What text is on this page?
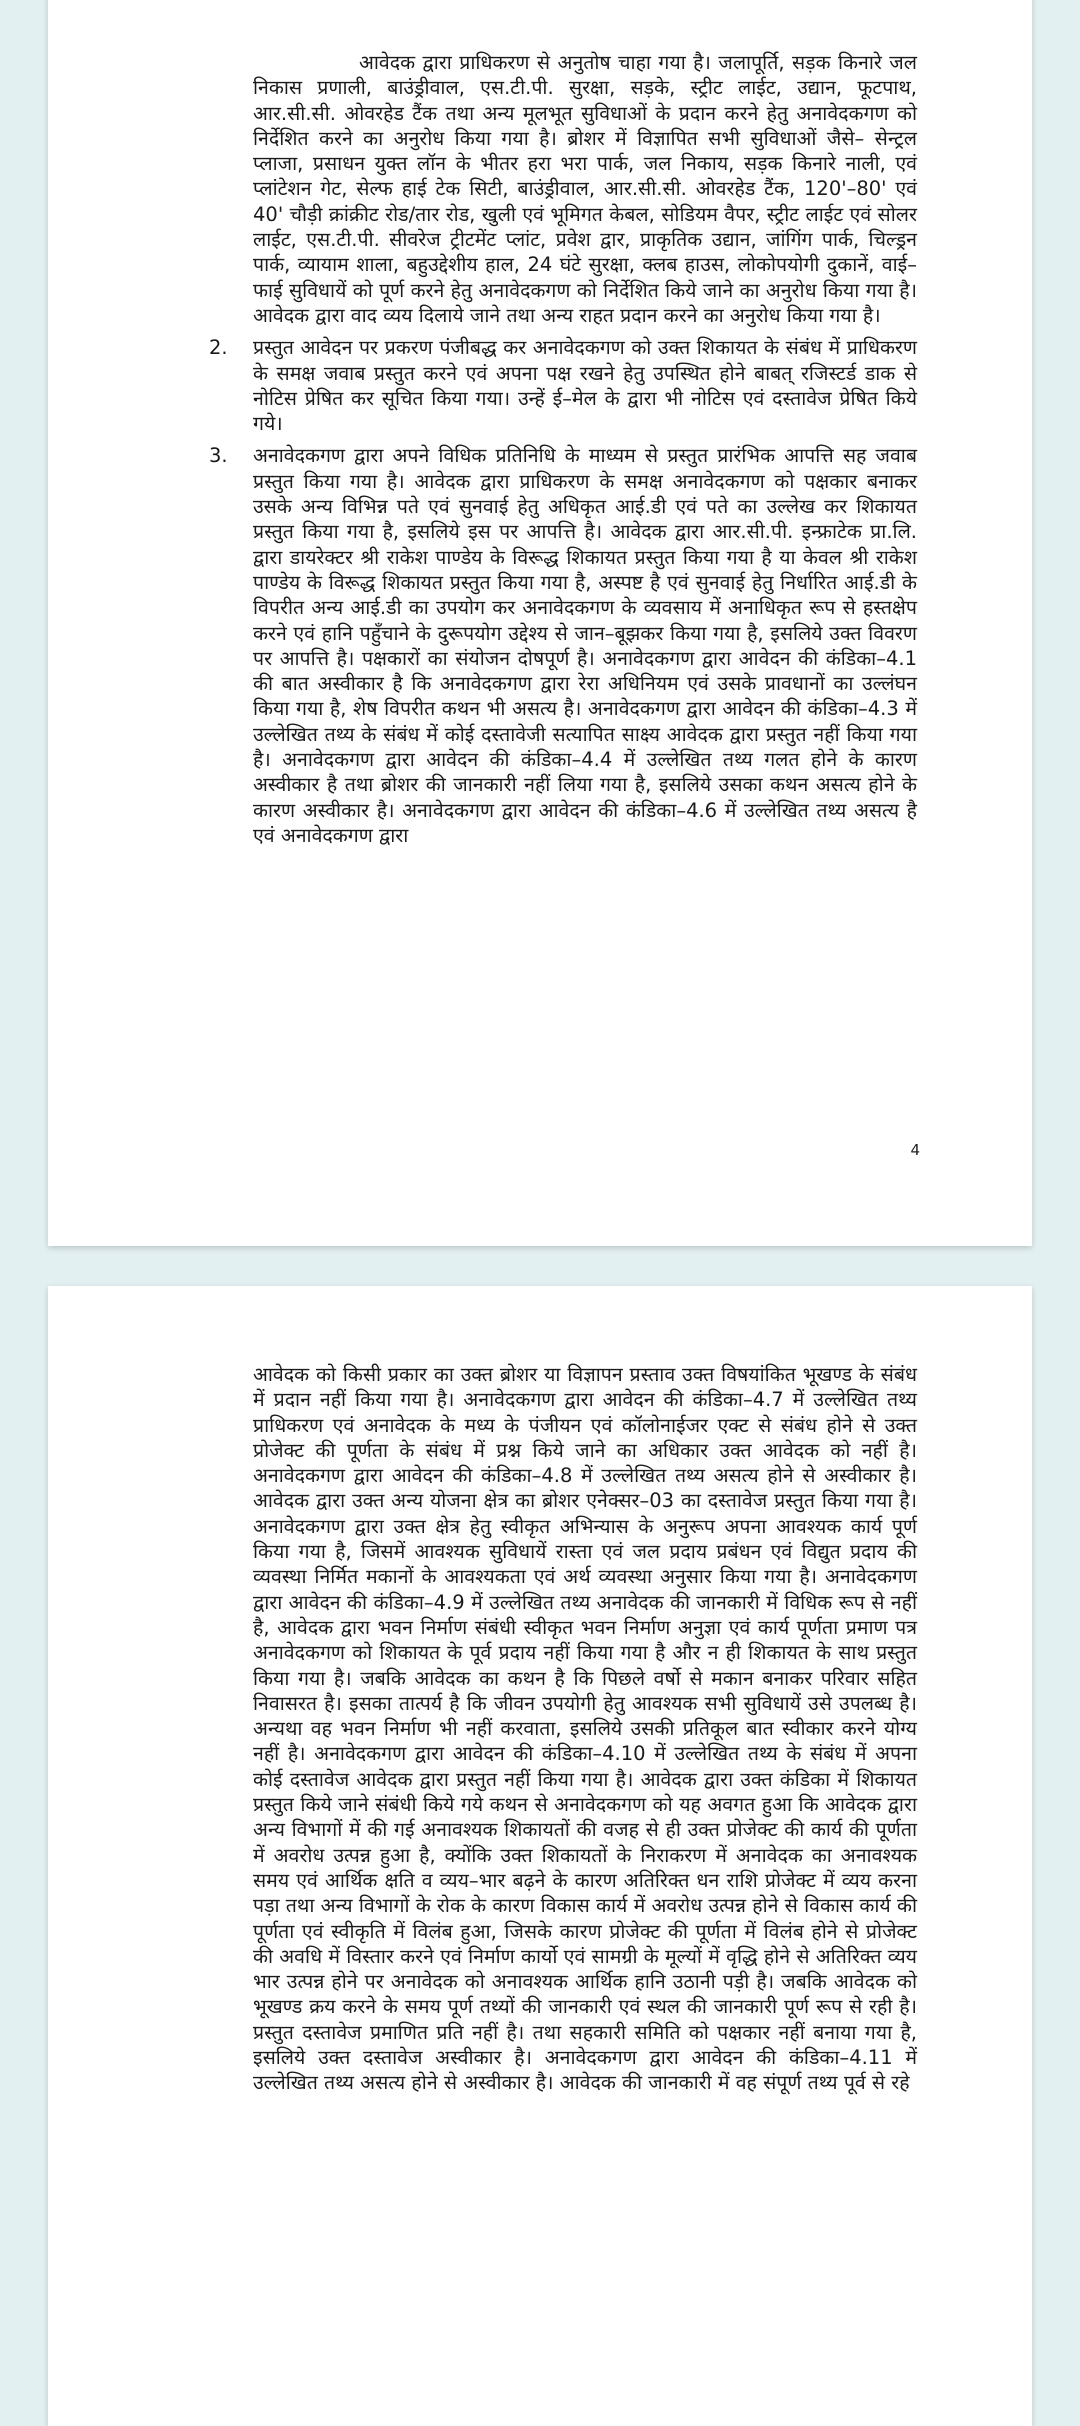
आवेदक द्वारा प्राधिकरण से अनुतोष चाहा गया है। जलापूर्ति, सड़क किनारे जल निकास प्रणाली, बाउंड्रीवाल, एस.टी.पी. सुरक्षा, सड़के, स्ट्रीट लाईट, उद्यान, फूटपाथ, आर.सी.सी. ओवरहेड टैंक तथा अन्य मूलभूत सुविधाओं के प्रदान करने हेतु अनावेदकगण को निर्देशित करने का अनुरोध किया गया है। ब्रोशर में विज्ञापित सभी सुविधाओं जैसे– सेन्ट्रल प्लाजा, प्रसाधन युक्त लॉन के भीतर हरा भरा पार्क, जल निकाय, सड़क किनारे नाली, एवं प्लांटेशन गेट, सेल्फ हाई टेक सिटी, बाउंड्रीवाल, आर.सी.सी. ओवरहेड टैंक, 120'–80' एवं 40' चौड़ी क्रांक्रीट रोड/तार रोड, खुली एवं भूमिगत केबल, सोडियम वैपर, स्ट्रीट लाईट एवं सोलर लाईट, एस.टी.पी. सीवरेज ट्रीटमेंट प्लांट, प्रवेश द्वार, प्राकृतिक उद्यान, जांगिंग पार्क, चिल्ड्रन पार्क, व्यायाम शाला, बहुउद्देशीय हाल, 24 घंटे सुरक्षा, क्लब हाउस, लोकोपयोगी दुकानें, वाई–फाई सुविधायें को पूर्ण करने हेतु अनावेदकगण को निर्देशित किये जाने का अनुरोध किया गया है। आवेदक द्वारा वाद व्यय दिलाये जाने तथा अन्य राहत प्रदान करने का अनुरोध किया गया है।

2. प्रस्तुत आवेदन पर प्रकरण पंजीबद्ध कर अनावेदकगण को उक्त शिकायत के संबंध में प्राधिकरण के समक्ष जवाब प्रस्तुत करने एवं अपना पक्ष रखने हेतु उपस्थित होने बाबत् रजिस्टर्ड डाक से नोटिस प्रेषित कर सूचित किया गया। उन्हें ई–मेल के द्वारा भी नोटिस एवं दस्तावेज प्रेषित किये गये।

3. अनावेदकगण द्वारा अपने विधिक प्रतिनिधि के माध्यम से प्रस्तुत प्रारंभिक आपत्ति सह जवाब प्रस्तुत किया गया है। आवेदक द्वारा प्राधिकरण के समक्ष अनावेदकगण को पक्षकार बनाकर उसके अन्य विभिन्न पते एवं सुनवाई हेतु अधिकृत आई.डी एवं पते का उल्लेख कर शिकायत प्रस्तुत किया गया है, इसलिये इस पर आपत्ति है। आवेदक द्वारा आर.सी.पी. इन्फ्राटेक प्रा.लि. द्वारा डायरेक्टर श्री राकेश पाण्डेय के विरूद्ध शिकायत प्रस्तुत किया गया है या केवल श्री राकेश पाण्डेय के विरूद्ध शिकायत प्रस्तुत किया गया है, अस्पष्ट है एवं सुनवाई हेतु निर्धारित आई.डी के विपरीत अन्य आई.डी का उपयोग कर अनावेदकगण के व्यवसाय में अनाधिकृत रूप से हस्तक्षेप करने एवं हानि पहुँचाने के दुरूपयोग उद्देश्य से जान–बूझकर किया गया है, इसलिये उक्त विवरण पर आपत्ति है। पक्षकारों का संयोजन दोषपूर्ण है। अनावेदकगण द्वारा आवेदन की कंडिका–4.1 की बात अस्वीकार है कि अनावेदकगण द्वारा रेरा अधिनियम एवं उसके प्रावधानों का उल्लंघन किया गया है, शेष विपरीत कथन भी असत्य है। अनावेदकगण द्वारा आवेदन की कंडिका–4.3 में उल्लेखित तथ्य के संबंध में कोई दस्तावेजी सत्यापित साक्ष्य आवेदक द्वारा प्रस्तुत नहीं किया गया है। अनावेदकगण द्वारा आवेदन की कंडिका–4.4 में उल्लेखित तथ्य गलत होने के कारण अस्वीकार है तथा ब्रोशर की जानकारी नहीं लिया गया है, इसलिये उसका कथन असत्य होने के कारण अस्वीकार है। अनावेदकगण द्वारा आवेदन की कंडिका–4.6 में उल्लेखित तथ्य असत्य है एवं अनावेदकगण द्वारा

4

आवेदक को किसी प्रकार का उक्त ब्रोशर या विज्ञापन प्रस्ताव उक्त विषयांकित भूखण्ड के संबंध में प्रदान नहीं किया गया है। अनावेदकगण द्वारा आवेदन की कंडिका–4.7 में उल्लेखित तथ्य प्राधिकरण एवं अनावेदक के मध्य के पंजीयन एवं कॉलोनाईजर एक्ट से संबंध होने से उक्त प्रोजेक्ट की पूर्णता के संबंध में प्रश्न किये जाने का अधिकार उक्त आवेदक को नहीं है। अनावेदकगण द्वारा आवेदन की कंडिका–4.8 में उल्लेखित तथ्य असत्य होने से अस्वीकार है। आवेदक द्वारा उक्त अन्य योजना क्षेत्र का ब्रोशर एनेक्सर–03 का दस्तावेज प्रस्तुत किया गया है। अनावेदकगण द्वारा उक्त क्षेत्र हेतु स्वीकृत अभिन्यास के अनुरूप अपना आवश्यक कार्य पूर्ण किया गया है, जिसमें आवश्यक सुविधायें रास्ता एवं जल प्रदाय प्रबंधन एवं विद्युत प्रदाय की व्यवस्था निर्मित मकानों के आवश्यकता एवं अर्थ व्यवस्था अनुसार किया गया है। अनावेदकगण द्वारा आवेदन की कंडिका–4.9 में उल्लेखित तथ्य अनावेदक की जानकारी में विधिक रूप से नहीं है, आवेदक द्वारा भवन निर्माण संबंधी स्वीकृत भवन निर्माण अनुज्ञा एवं कार्य पूर्णता प्रमाण पत्र अनावेदकगण को शिकायत के पूर्व प्रदाय नहीं किया गया है और न ही शिकायत के साथ प्रस्तुत किया गया है। जबकि आवेदक का कथन है कि पिछले वर्षो से मकान बनाकर परिवार सहित निवासरत है। इसका तात्पर्य है कि जीवन उपयोगी हेतु आवश्यक सभी सुविधायें उसे उपलब्ध है। अन्यथा वह भवन निर्माण भी नहीं करवाता, इसलिये उसकी प्रतिकूल बात स्वीकार करने योग्य नहीं है। अनावेदकगण द्वारा आवेदन की कंडिका–4.10 में उल्लेखित तथ्य के संबंध में अपना कोई दस्तावेज आवेदक द्वारा प्रस्तुत नहीं किया गया है। आवेदक द्वारा उक्त कंडिका में शिकायत प्रस्तुत किये जाने संबंधी किये गये कथन से अनावेदकगण को यह अवगत हुआ कि आवेदक द्वारा अन्य विभागों में की गई अनावश्यक शिकायतों की वजह से ही उक्त प्रोजेक्ट की कार्य की पूर्णता में अवरोध उत्पन्न हुआ है, क्योंकि उक्त शिकायतों के निराकरण में अनावेदक का अनावश्यक समय एवं आर्थिक क्षति व व्यय–भार बढ़ने के कारण अतिरिक्त धन राशि प्रोजेक्ट में व्यय करना पड़ा तथा अन्य विभागों के रोक के कारण विकास कार्य में अवरोध उत्पन्न होने से विकास कार्य की पूर्णता एवं स्वीकृति में विलंब हुआ, जिसके कारण प्रोजेक्ट की पूर्णता में विलंब होने से प्रोजेक्ट की अवधि में विस्तार करने एवं निर्माण कार्यो एवं सामग्री के मूल्यों में वृद्धि होने से अतिरिक्त व्यय भार उत्पन्न होने पर अनावेदक को अनावश्यक आर्थिक हानि उठानी पड़ी है। जबकि आवेदक को भूखण्ड क्रय करने के समय पूर्ण तथ्यों की जानकारी एवं स्थल की जानकारी पूर्ण रूप से रही है। प्रस्तुत दस्तावेज प्रमाणित प्रति नहीं है। तथा सहकारी समिति को पक्षकार नहीं बनाया गया है, इसलिये उक्त दस्तावेज अस्वीकार है। अनावेदकगण द्वारा आवेदन की कंडिका–4.11 में उल्लेखित तथ्य असत्य होने से अस्वीकार है। आवेदक की जानकारी में वह संपूर्ण तथ्य पूर्व से रहे
